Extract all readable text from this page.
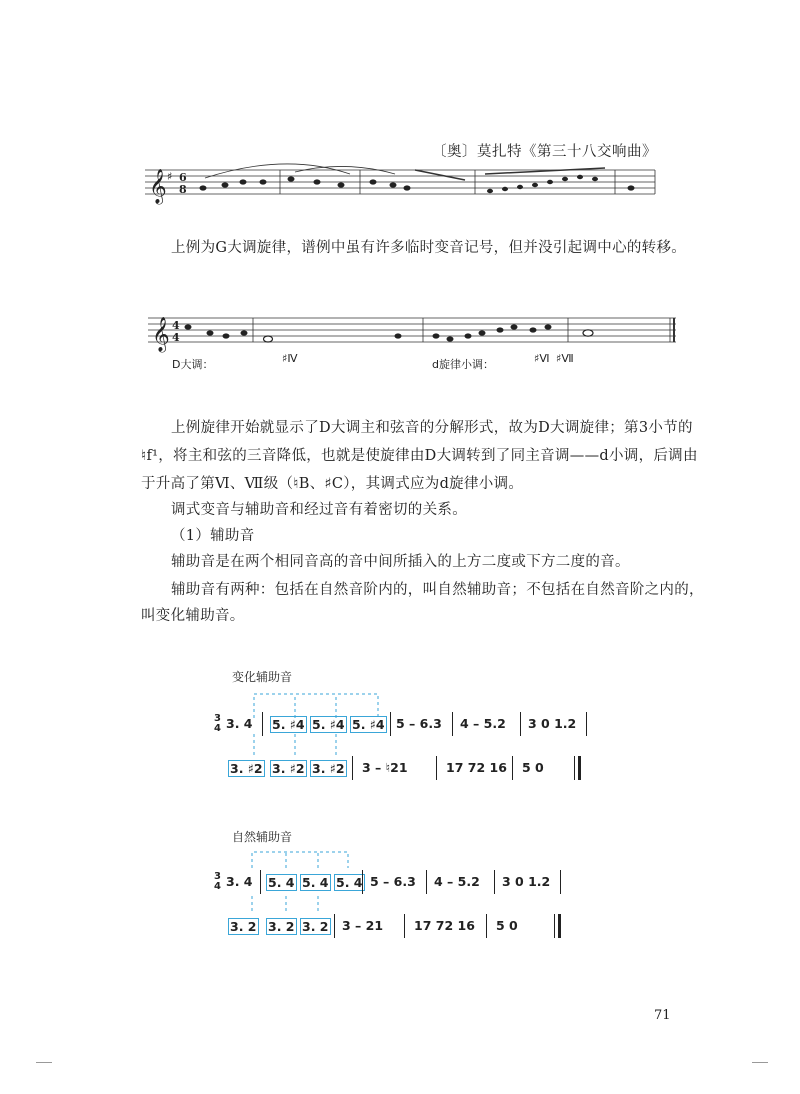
〔奥〕莫扎特《第三十八交响曲》
𝄞 ♯ 6
8
上例为G大调旋律，谱例中虽有许多临时变音记号，但并没引起调中心的转移。
𝄞 4
4
D大调：	♯Ⅳ	d旋律小调：	♯Ⅵ ♯Ⅶ
上例旋律开始就显示了D大调主和弦音的分解形式，故为D大调旋律；第3小节的
♮f¹，将主和弦的三音降低，也就是使旋律由D大调转到了同主音调——d小调，后调由
于升高了第Ⅵ、Ⅶ级（♮B、♯C），其调式应为d旋律小调。
调式变音与辅助音和经过音有着密切的关系。
（1）辅助音
辅助音是在两个相同音高的音中间所插入的上方二度或下方二度的音。
辅助音有两种：包括在自然音阶内的，叫自然辅助音；不包括在自然音阶之内的，
叫变化辅助音。
变化辅助音
3
4 3. 4 5. ♯4 5. ♯4 5. ♯4 5 – 6.3 4 – 5.2 3 0 1.2
3. ♯2 3. ♯2 3. ♯2 3 – ♮21	17 72 16 5 0
自然辅助音
3
4 3. 4 5. 4 5. 4 5. 4 5 – 6.3 4 – 5.2 3 0 1.2
3. 2 3. 2 3. 2 3 – 21 17 72 16 5 0
71
